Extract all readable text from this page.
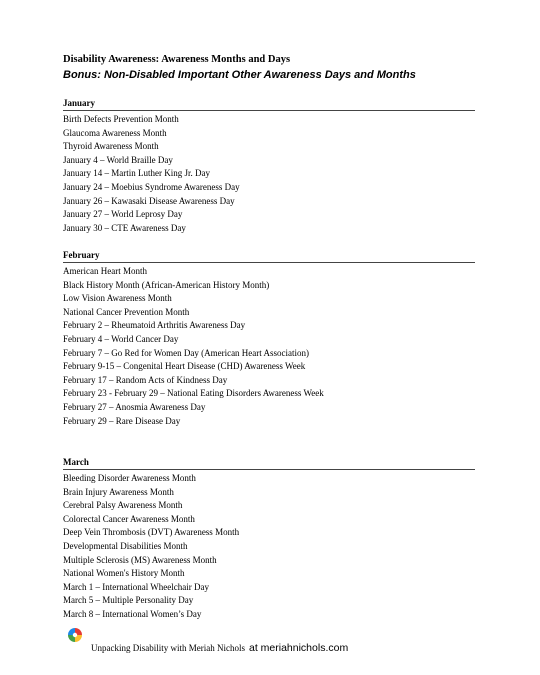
Disability Awareness: Awareness Months and Days
Bonus: Non-Disabled Important Other Awareness Days and Months
January
Birth Defects Prevention Month
Glaucoma Awareness Month
Thyroid Awareness Month
January 4 – World Braille Day
January 14 – Martin Luther King Jr. Day
January 24 – Moebius Syndrome Awareness Day
January 26 – Kawasaki Disease Awareness Day
January 27 – World Leprosy Day
January 30 – CTE Awareness Day
February
American Heart Month
Black History Month (African-American History Month)
Low Vision Awareness Month
National Cancer Prevention Month
February 2 – Rheumatoid Arthritis Awareness Day
February 4 – World Cancer Day
February 7 – Go Red for Women Day (American Heart Association)
February 9-15 – Congenital Heart Disease (CHD) Awareness Week
February 17 – Random Acts of Kindness Day
February 23 - February 29 – National Eating Disorders Awareness Week
February 27 – Anosmia Awareness Day
February 29 – Rare Disease Day
March
Bleeding Disorder Awareness Month
Brain Injury Awareness Month
Cerebral Palsy Awareness Month
Colorectal Cancer Awareness Month
Deep Vein Thrombosis (DVT) Awareness Month
Developmental Disabilities Month
Multiple Sclerosis (MS) Awareness Month
National Women's History Month
March 1 – International Wheelchair Day
March 5 – Multiple Personality Day
March 8 – International Women’s Day
Unpacking Disability with Meriah Nichols at meriahnichols.com
